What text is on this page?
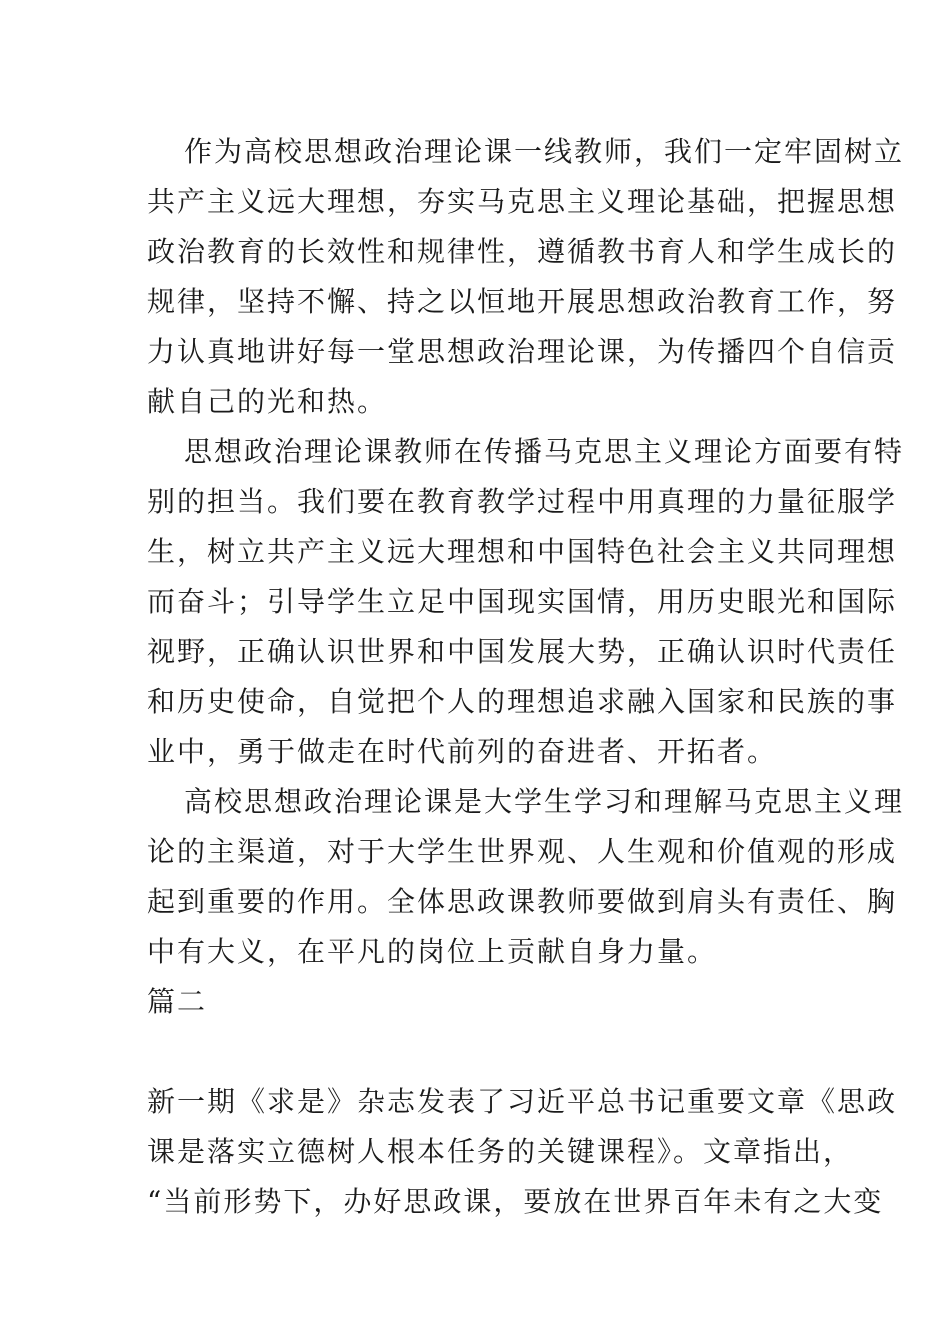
作为高校思想政治理论课一线教师，我们一定牢固树立
共产主义远大理想，夯实马克思主义理论基础，把握思想
政治教育的长效性和规律性，遵循教书育人和学生成长的
规律，坚持不懈、持之以恒地开展思想政治教育工作，努
力认真地讲好每一堂思想政治理论课，为传播四个自信贡
献自己的光和热。
思想政治理论课教师在传播马克思主义理论方面要有特
别的担当。我们要在教育教学过程中用真理的力量征服学
生，树立共产主义远大理想和中国特色社会主义共同理想
而奋斗；引导学生立足中国现实国情，用历史眼光和国际
视野，正确认识世界和中国发展大势，正确认识时代责任
和历史使命，自觉把个人的理想追求融入国家和民族的事
业中，勇于做走在时代前列的奋进者、开拓者。
高校思想政治理论课是大学生学习和理解马克思主义理
论的主渠道，对于大学生世界观、人生观和价值观的形成
起到重要的作用。全体思政课教师要做到肩头有责任、胸
中有大义，在平凡的岗位上贡献自身力量。
篇二
新一期《求是》杂志发表了习近平总书记重要文章《思政
课是落实立德树人根本任务的关键课程》。文章指出，
“当前形势下，办好思政课，要放在世界百年未有之大变
